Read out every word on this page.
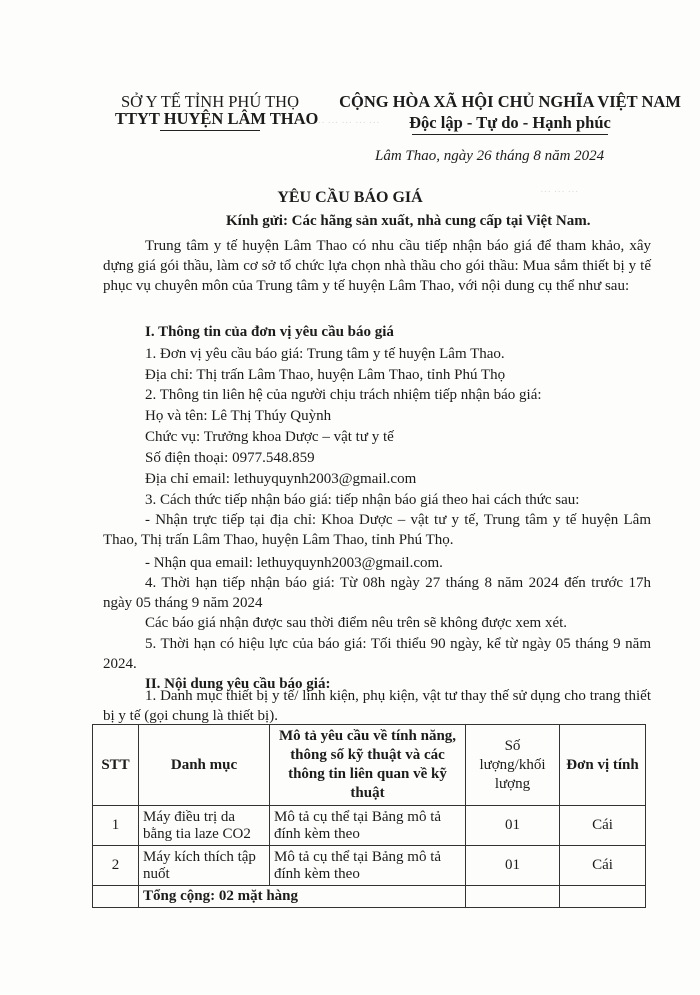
··· ··· ··· ··· ··· ···
··· ··· ···
SỞ Y TẾ TỈNH PHÚ THỌ
TTYT HUYỆN LÂM THAO
CỘNG HÒA XÃ HỘI CHỦ NGHĨA VIỆT NAM
Độc lập - Tự do - Hạnh phúc
Lâm Thao, ngày 26 tháng 8 năm 2024
YÊU CẦU BÁO GIÁ
Kính gửi: Các hãng sản xuất, nhà cung cấp tại Việt Nam.
Trung tâm y tế huyện Lâm Thao có nhu cầu tiếp nhận báo giá để tham khảo, xây dựng giá gói thầu, làm cơ sở tổ chức lựa chọn nhà thầu cho gói thầu: Mua sắm thiết bị y tế phục vụ chuyên môn của Trung tâm y tế huyện Lâm Thao, với nội dung cụ thể như sau:
I. Thông tin của đơn vị yêu cầu báo giá
1. Đơn vị yêu cầu báo giá: Trung tâm y tế huyện Lâm Thao.
Địa chỉ: Thị trấn Lâm Thao, huyện Lâm Thao, tỉnh Phú Thọ
2. Thông tin liên hệ của người chịu trách nhiệm tiếp nhận báo giá:
Họ và tên: Lê Thị Thúy Quỳnh
Chức vụ: Trưởng khoa Dược – vật tư y tế
Số điện thoại: 0977.548.859
Địa chỉ email: lethuyquynh2003@gmail.com
3. Cách thức tiếp nhận báo giá: tiếp nhận báo giá theo hai cách thức sau:
- Nhận trực tiếp tại địa chỉ: Khoa Dược – vật tư y tế, Trung tâm y tế huyện Lâm Thao, Thị trấn Lâm Thao, huyện Lâm Thao, tỉnh Phú Thọ.
- Nhận qua email: lethuyquynh2003@gmail.com.
4. Thời hạn tiếp nhận báo giá: Từ 08h ngày 27 tháng 8 năm 2024 đến trước 17h ngày 05 tháng 9 năm 2024
Các báo giá nhận được sau thời điểm nêu trên sẽ không được xem xét.
5. Thời hạn có hiệu lực của báo giá: Tối thiểu 90 ngày, kể từ ngày 05 tháng 9 năm 2024.
II. Nội dung yêu cầu báo giá:
1. Danh mục thiết bị y tế/ linh kiện, phụ kiện, vật tư thay thế sử dụng cho trang thiết bị y tế (gọi chung là thiết bị).
STT	Danh mục	Mô tả yêu cầu về tính năng, thông số kỹ thuật và các thông tin liên quan về kỹ thuật	Số lượng/khối lượng	Đơn vị tính
1	Máy điều trị da bằng tia laze CO2	Mô tả cụ thể tại Bảng mô tả đính kèm theo	01	Cái
2	Máy kích thích tập nuốt	Mô tả cụ thể tại Bảng mô tả đính kèm theo	01	Cái
	Tổng cộng: 02 mặt hàng			
